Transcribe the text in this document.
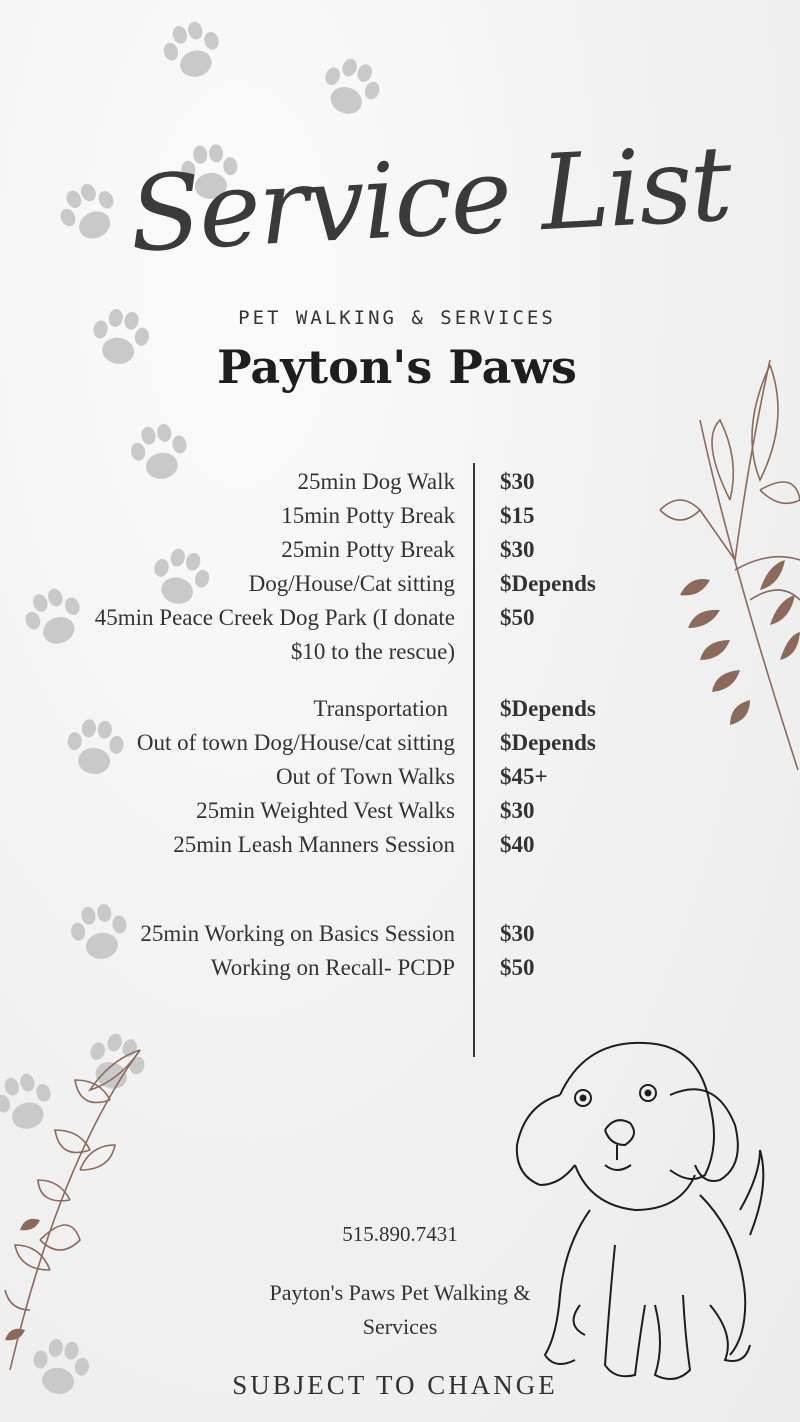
Service List
PET WALKING & SERVICES
Payton's Paws
25min Dog Walk $30
15min Potty Break $15
25min Potty Break $30
Dog/House/Cat sitting $Depends
45min Peace Creek Dog Park (I donate
$10 to the rescue)
$50
Transportation $Depends
Out of town Dog/House/cat sitting $Depends
Out of Town Walks $45+
25min Weighted Vest Walks $30
25min Leash Manners Session $40
25min Working on Basics Session $30
Working on Recall- PCDP $50
515.890.7431
Payton's Paws Pet Walking & Services
SUBJECT TO CHANGE
